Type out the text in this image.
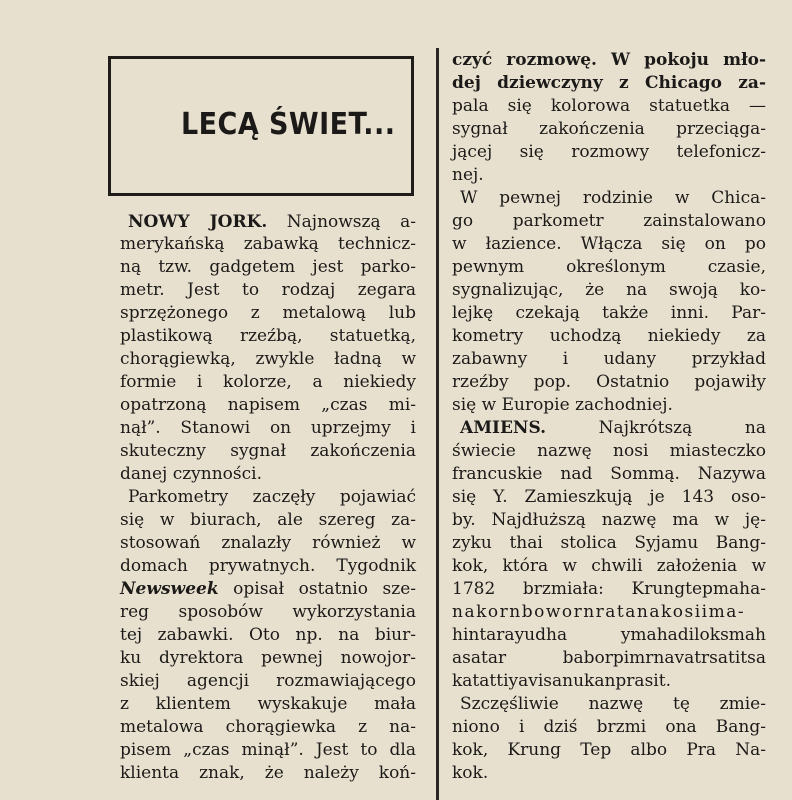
LECĄ ŚWIET...
NOWY JORK. Najnowszą a-
merykańską zabawką technicz-
ną tzw. gadgetem jest parko-
metr. Jest to rodzaj zegara
sprzężonego z metalową lub
plastikową rzeźbą, statuetką,
chorągiewką, zwykle ładną w
formie i kolorze, a niekiedy
opatrzoną napisem „czas mi-
nął”. Stanowi on uprzejmy i
skuteczny sygnał zakończenia
danej czynności.
Parkometry zaczęły pojawiać
się w biurach, ale szereg za-
stosowań znalazły również w
domach prywatnych. Tygodnik
Newsweek opisał ostatnio sze-
reg sposobów wykorzystania
tej zabawki. Oto np. na biur-
ku dyrektora pewnej nowojor-
skiej agencji rozmawiającego
z klientem wyskakuje mała
metalowa chorągiewka z na-
pisem „czas minął”. Jest to dla
klienta znak, że należy koń-
czyć rozmowę. W pokoju mło-
dej dziewczyny z Chicago za-
pala się kolorowa statuetka —
sygnał zakończenia przeciąga-
jącej się rozmowy telefonicz-
nej.
W pewnej rodzinie w Chica-
go parkometr zainstalowano
w łazience. Włącza się on po
pewnym określonym czasie,
sygnalizując, że na swoją ko-
lejkę czekają także inni. Par-
kometry uchodzą niekiedy za
zabawny i udany przykład
rzeźby pop. Ostatnio pojawiły
się w Europie zachodniej.
AMIENS. Najkrótszą na
świecie nazwę nosi miasteczko
francuskie nad Sommą. Nazywa
się Y. Zamieszkują je 143 oso-
by. Najdłuższą nazwę ma w ję-
zyku thai stolica Syjamu Bang-
kok, która w chwili założenia w
1782 brzmiała: Krungtepmaha-
nakornbowornratanakosiima-
hintarayudha ymahadiloksmah
asatar baborpimrnavatrsatitsa
katattiyavisanukanprasit.
Szczęśliwie nazwę tę zmie-
niono i dziś brzmi ona Bang-
kok, Krung Tep albo Pra Na-
kok.
